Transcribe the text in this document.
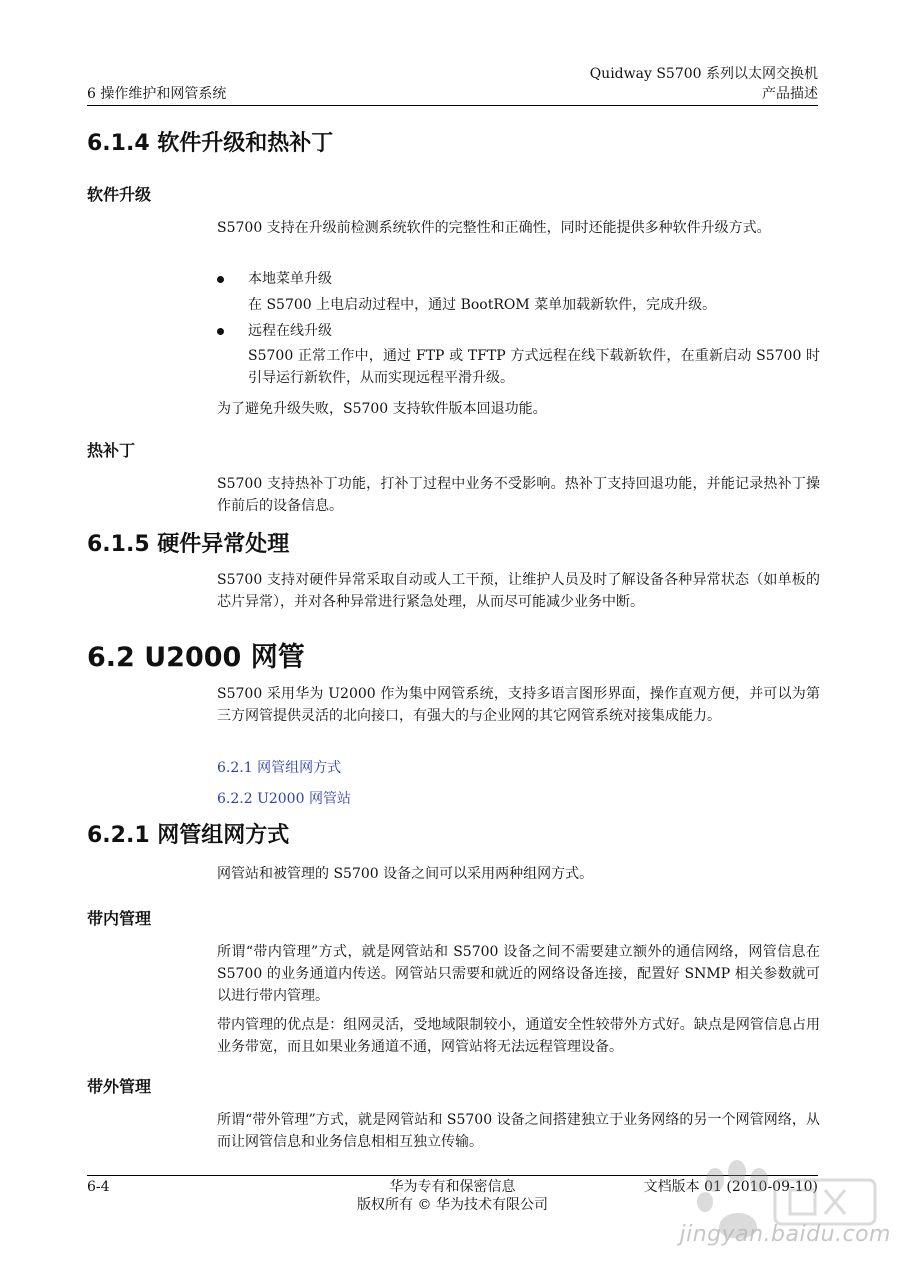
Quidway S5700 系列以太网交换机
产品描述
6 操作维护和网管系统
6.1.4 软件升级和热补丁
软件升级
S5700 支持在升级前检测系统软件的完整性和正确性，同时还能提供多种软件升级方式。
本地菜单升级
在 S5700 上电启动过程中，通过 BootROM 菜单加载新软件，完成升级。
远程在线升级
S5700 正常工作中，通过 FTP 或 TFTP 方式远程在线下载新软件，在重新启动 S5700 时引导运行新软件，从而实现远程平滑升级。
为了避免升级失败，S5700 支持软件版本回退功能。
热补丁
S5700 支持热补丁功能，打补丁过程中业务不受影响。热补丁支持回退功能，并能记录热补丁操作前后的设备信息。
6.1.5 硬件异常处理
S5700 支持对硬件异常采取自动或人工干预，让维护人员及时了解设备各种异常状态（如单板的芯片异常），并对各种异常进行紧急处理，从而尽可能减少业务中断。
6.2 U2000 网管
S5700 采用华为 U2000 作为集中网管系统，支持多语言图形界面，操作直观方便，并可以为第三方网管提供灵活的北向接口，有强大的与企业网的其它网管系统对接集成能力。
6.2.1 网管组网方式
6.2.2 U2000 网管站
6.2.1 网管组网方式
网管站和被管理的 S5700 设备之间可以采用两种组网方式。
带内管理
所谓“带内管理”方式，就是网管站和 S5700 设备之间不需要建立额外的通信网络，网管信息在 S5700 的业务通道内传送。网管站只需要和就近的网络设备连接，配置好 SNMP 相关参数就可以进行带内管理。
带内管理的优点是：组网灵活，受地域限制较小，通道安全性较带外方式好。缺点是网管信息占用业务带宽，而且如果业务通道不通，网管站将无法远程管理设备。
带外管理
所谓“带外管理”方式，就是网管站和 S5700 设备之间搭建独立于业务网络的另一个网管网络，从而让网管信息和业务信息相相互独立传输。
6-4	华为专有和保密信息
版权所有 © 华为技术有限公司
文档版本 01 (2010-09-10)
jingyan.baidu.com
